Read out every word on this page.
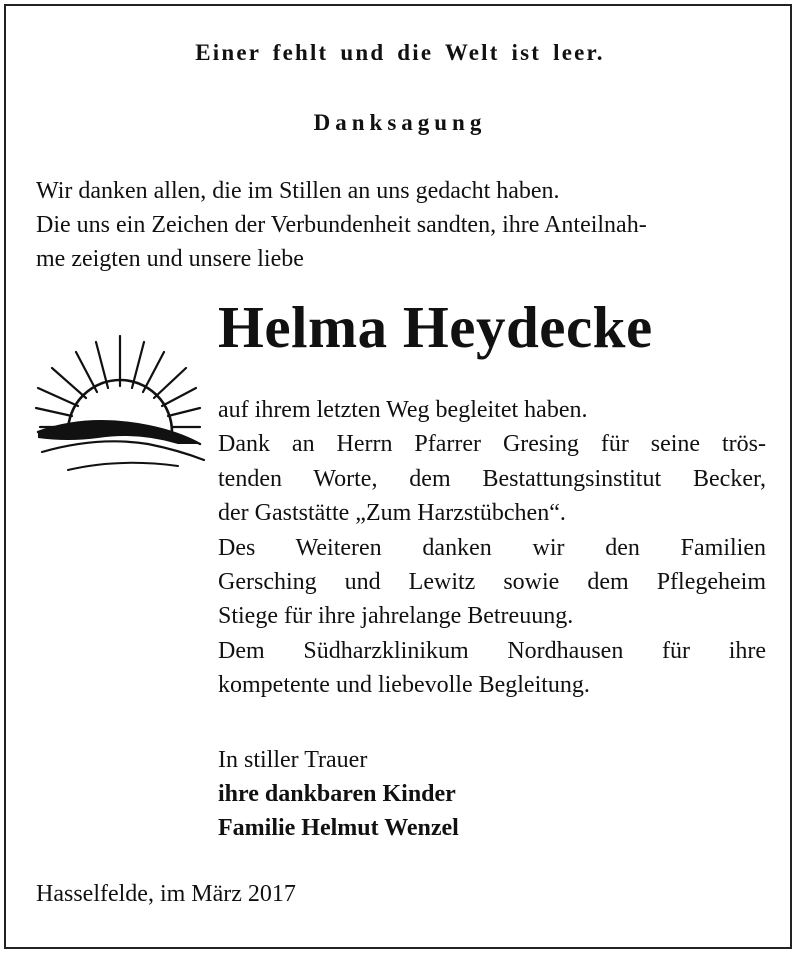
Einer fehlt und die Welt ist leer.
Danksagung
Wir danken allen, die im Stillen an uns gedacht haben.
Die uns ein Zeichen der Verbundenheit sandten, ihre Anteilnah-
me zeigten und unsere liebe
Helma Heydecke
auf ihrem letzten Weg begleitet haben.
Dank an Herrn Pfarrer Gresing für seine trös-
tenden Worte, dem Bestattungsinstitut Becker,
der Gaststätte „Zum Harzstübchen“.
Des Weiteren danken wir den Familien
Gersching und Lewitz sowie dem Pflegeheim
Stiege für ihre jahrelange Betreuung.
Dem Südharzklinikum Nordhausen für ihre
kompetente und liebevolle Begleitung.
In stiller Trauer
ihre dankbaren Kinder
Familie Helmut Wenzel
Hasselfelde, im März 2017
